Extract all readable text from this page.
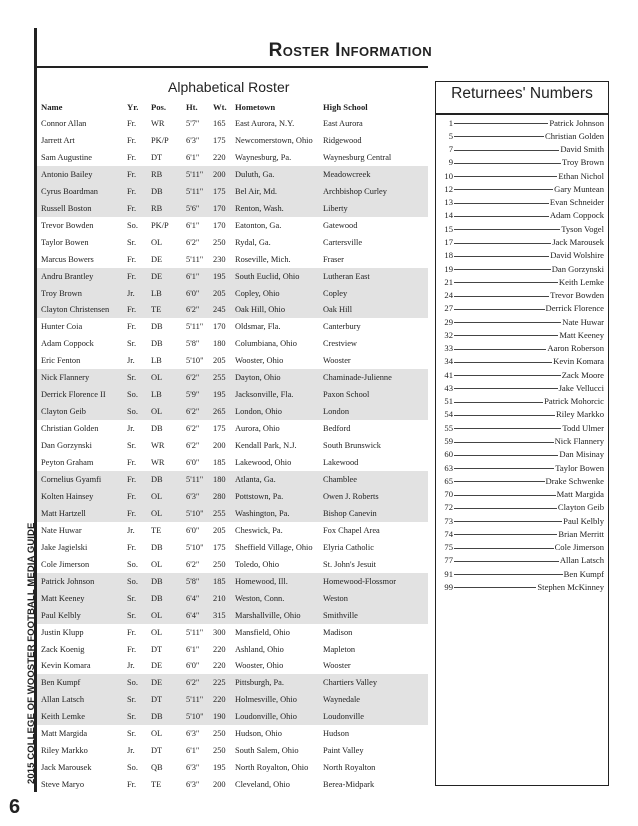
2015 COLLEGE OF WOOSTER FOOTBALL MEDIA GUIDE
6
Roster Information
Alphabetical Roster
Name	Yr.	Pos.	Ht.	Wt. Hometown	High School
Connor Allan	Fr.	WR	5'7"	165	East Aurora, N.Y.	East Aurora
Jarrett Art	Fr.	PK/P	6'3"	175	Newcomerstown, Ohio	Ridgewood
Sam Augustine	Fr.	DT	6'1"	220	Waynesburg, Pa.	Waynesburg Central
Antonio Bailey	Fr.	RB	5'11"	200	Duluth, Ga.	Meadowcreek
Cyrus Boardman	Fr.	DB	5'11"	175	Bel Air, Md.	Archbishop Curley
Russell Boston	Fr.	RB	5'6"	170	Renton, Wash.	Liberty
Trevor Bowden	So.	PK/P	6'1"	170	Eatonton, Ga.	Gatewood
Taylor Bowen	Sr.	OL	6'2"	250	Rydal, Ga.	Cartersville
Marcus Bowers	Fr.	DE	5'11"	230	Roseville, Mich.	Fraser
Andru Brantley	Fr.	DE	6'1"	195	South Euclid, Ohio	Lutheran East
Troy Brown	Jr.	LB	6'0"	205	Copley, Ohio	Copley
Clayton Christensen	Fr.	TE	6'2"	245	Oak Hill, Ohio	Oak Hill
Hunter Coia	Fr.	DB	5'11"	170	Oldsmar, Fla.	Canterbury
Adam Coppock	Sr.	DB	5'8"	180	Columbiana, Ohio	Crestview
Eric Fenton	Jr.	LB	5'10"	205	Wooster, Ohio	Wooster
Nick Flannery	Sr.	OL	6'2"	255	Dayton, Ohio	Chaminade-Julienne
Derrick Florence II	So.	LB	5'9"	195	Jacksonville, Fla.	Paxon School
Clayton Geib	So.	OL	6'2"	265	London, Ohio	London
Christian Golden	Jr.	DB	6'2"	175	Aurora, Ohio	Bedford
Dan Gorzynski	Sr.	WR	6'2"	200	Kendall Park, N.J.	South Brunswick
Peyton Graham	Fr.	WR	6'0"	185	Lakewood, Ohio	Lakewood
Cornelius Gyamfi	Fr.	DB	5'11"	180	Atlanta, Ga.	Chamblee
Kolten Hainsey	Fr.	OL	6'3"	280	Pottstown, Pa.	Owen J. Roberts
Matt Hartzell	Fr.	OL	5'10"	255	Washington, Pa.	Bishop Canevin
Nate Huwar	Jr.	TE	6'0"	205	Cheswick, Pa.	Fox Chapel Area
Jake Jagielski	Fr.	DB	5'10"	175	Sheffield Village, Ohio	Elyria Catholic
Cole Jimerson	So.	OL	6'2"	250	Toledo, Ohio	St. John's Jesuit
Patrick Johnson	So.	DB	5'8"	185	Homewood, Ill.	Homewood-Flossmor
Matt Keeney	Sr.	DB	6'4"	210	Weston, Conn.	Weston
Paul Kelbly	Sr.	OL	6'4"	315	Marshallville, Ohio	Smithville
Justin Klupp	Fr.	OL	5'11"	300	Mansfield, Ohio	Madison
Zack Koenig	Fr.	DT	6'1"	220	Ashland, Ohio	Mapleton
Kevin Komara	Jr.	DE	6'0"	220	Wooster, Ohio	Wooster
Ben Kumpf	So.	DE	6'2"	225	Pittsburgh, Pa.	Chartiers Valley
Allan Latsch	Sr.	DT	5'11"	220	Holmesville, Ohio	Waynedale
Keith Lemke	Sr.	DB	5'10"	190	Loudonville, Ohio	Loudonville
Matt Margida	Sr.	OL	6'3"	250	Hudson, Ohio	Hudson
Riley Markko	Jr.	DT	6'1"	250	South Salem, Ohio	Paint Valley
Jack Marousek	So.	QB	6'3"	195	North Royalton, Ohio	North Royalton
Steve Maryo	Fr.	TE	6'3"	200	Cleveland, Ohio	Berea-Midpark
Returnees' Numbers
1	Patrick Johnson
5	Christian Golden
7	David Smith
9	Troy Brown
10	Ethan Nichol
12	Gary Muntean
13	Evan Schneider
14	Adam Coppock
15	Tyson Vogel
17	Jack Marousek
18	David Wolshire
19	Dan Gorzynski
21	Keith Lemke
24	Trevor Bowden
27	Derrick Florence
29	Nate Huwar
32	Matt Keeney
33	Aaron Roberson
34	Kevin Komara
41	Zack Moore
43	Jake Vellucci
51	Patrick Mohorcic
54	Riley Markko
55	Todd Ulmer
59	Nick Flannery
60	Dan Misinay
63	Taylor Bowen
65	Drake Schwenke
70	Matt Margida
72	Clayton Geib
73	Paul Kelbly
74	Brian Merritt
75	Cole Jimerson
77	Allan Latsch
91	Ben Kumpf
99	Stephen McKinney
